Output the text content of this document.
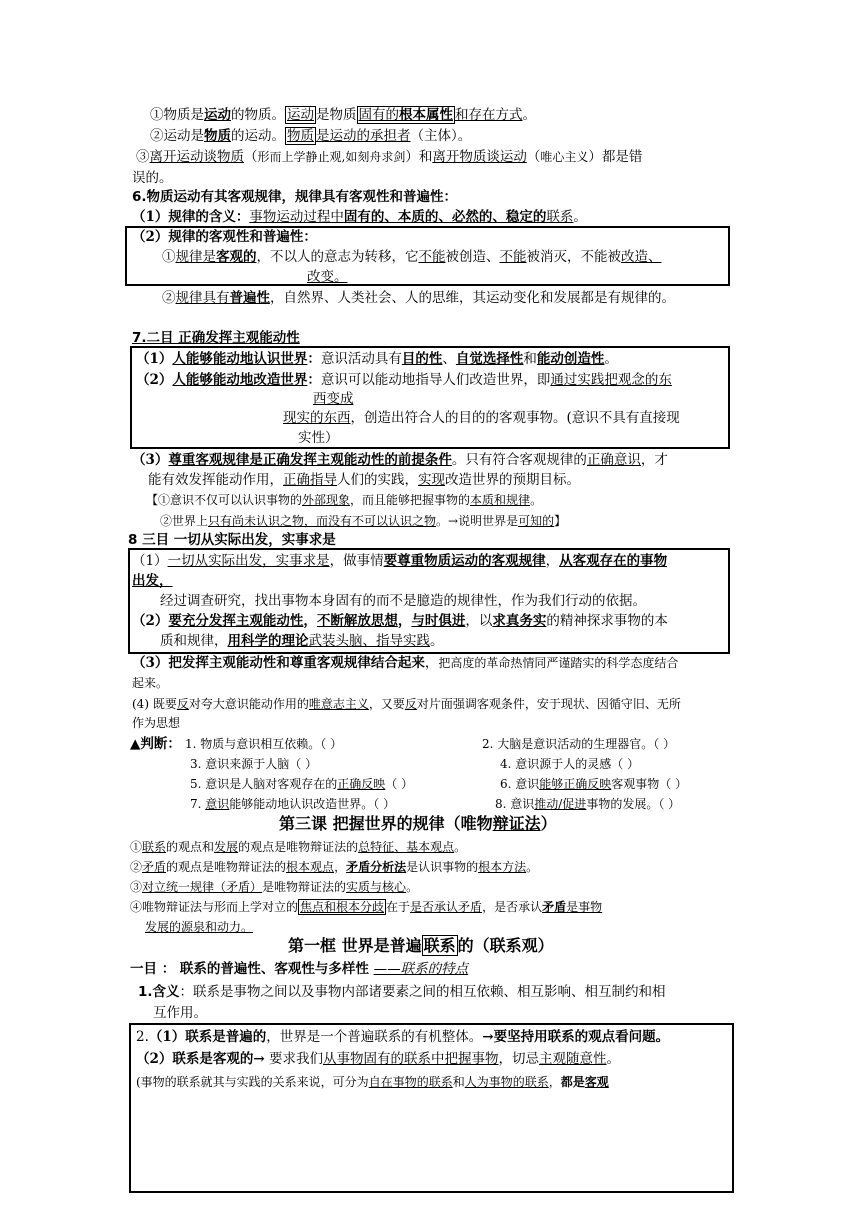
①物质是运动的物质。 运动 是物质 固有的根本属性 和存在方式。
②运动是物质的运动。 物质 是运动的承担者（主体）。
③离开运动谈物质（形而上学静止观,如刻舟求剑）和离开物质谈运动（唯心主义）都是错
误的。
6.物质运动有其客观规律，规律具有客观性和普遍性：
（1）规律的含义：事物运动过程中固有的、本质的、必然的、稳定的联系。
（2）规律的客观性和普遍性：
①规律是客观的，不以人的意志为转移，它不能被创造、不能被消灭，不能被改造、
改变。
②规律具有普遍性，自然界、人类社会、人的思维，其运动变化和发展都是有规律的。
7.二目 正确发挥主观能动性
（1）人能够能动地认识世界：意识活动具有目的性、自觉选择性和能动创造性。
（2）人能够能动地改造世界：意识可以能动地指导人们改造世界，即通过实践把观念的东
西变成
现实的东西，创造出符合人的目的的客观事物。(意识不具有直接现
实性）
（3）尊重客观规律是正确发挥主观能动性的前提条件。只有符合客观规律的正确意识，才
能有效发挥能动作用，正确指导人们的实践，实现改造世界的预期目标。
【①意识不仅可以认识事物的外部现象，而且能够把握事物的本质和规律。
②世界上只有尚未认识之物，而没有不可以认识之物。→说明世界是可知的】
8 三目 一切从实际出发，实事求是
（1）一切从实际出发，实事求是，做事情要尊重物质运动的客观规律，从客观存在的事物
出发，
经过调查研究，找出事物本身固有的而不是臆造的规律性，作为我们行动的依据。
（2）要充分发挥主观能动性，不断解放思想，与时俱进，以求真务实的精神探求事物的本
质和规律，用科学的理论武装头脑、指导实践。
（3）把发挥主观能动性和尊重客观规律结合起来，把高度的革命热情同严谨踏实的科学态度结合
起来。
(4) 既要反对夸大意识能动作用的唯意志主义，又要反对片面强调客观条件，安于现状、因循守旧、无所
作为思想
▲判断： 1. 物质与意识相互依赖。（ ）	2. 大脑是意识活动的生理器官。（ ）
3. 意识来源于人脑（ ）	4. 意识源于人的灵感（ ）
5. 意识是人脑对客观存在的正确反映（ ）	6. 意识能够正确反映客观事物（ ）
7. 意识能够能动地认识改造世界。（ ）	8. 意识推动/促进事物的发展。（ ）
第三课 把握世界的规律（唯物辩证法）
①联系的观点和发展的观点是唯物辩证法的总特征、基本观点。
②矛盾的观点是唯物辩证法的根本观点，矛盾分析法是认识事物的根本方法。
③对立统一规律（矛盾）是唯物辩证法的实质与核心。
④唯物辩证法与形而上学对立的 焦点和根本分歧 在于是否承认矛盾，是否承认矛盾是事物
发展的源泉和动力。
第一框 世界是普遍 联系 的（联系观）
一目 ： 联系的普遍性、客观性与多样性 ——联系的特点
1.含义：联系是事物之间以及事物内部诸要素之间的相互依赖、相互影响、相互制约和相
互作用。
2.（1）联系是普遍的，世界是一个普遍联系的有机整体。→要坚持用联系的观点看问题。
（2）联系是客观的→ 要求我们从事物固有的联系中把握事物，切忌主观随意性。
(事物的联系就其与实践的关系来说，可分为自在事物的联系和人为事物的联系，都是客观
